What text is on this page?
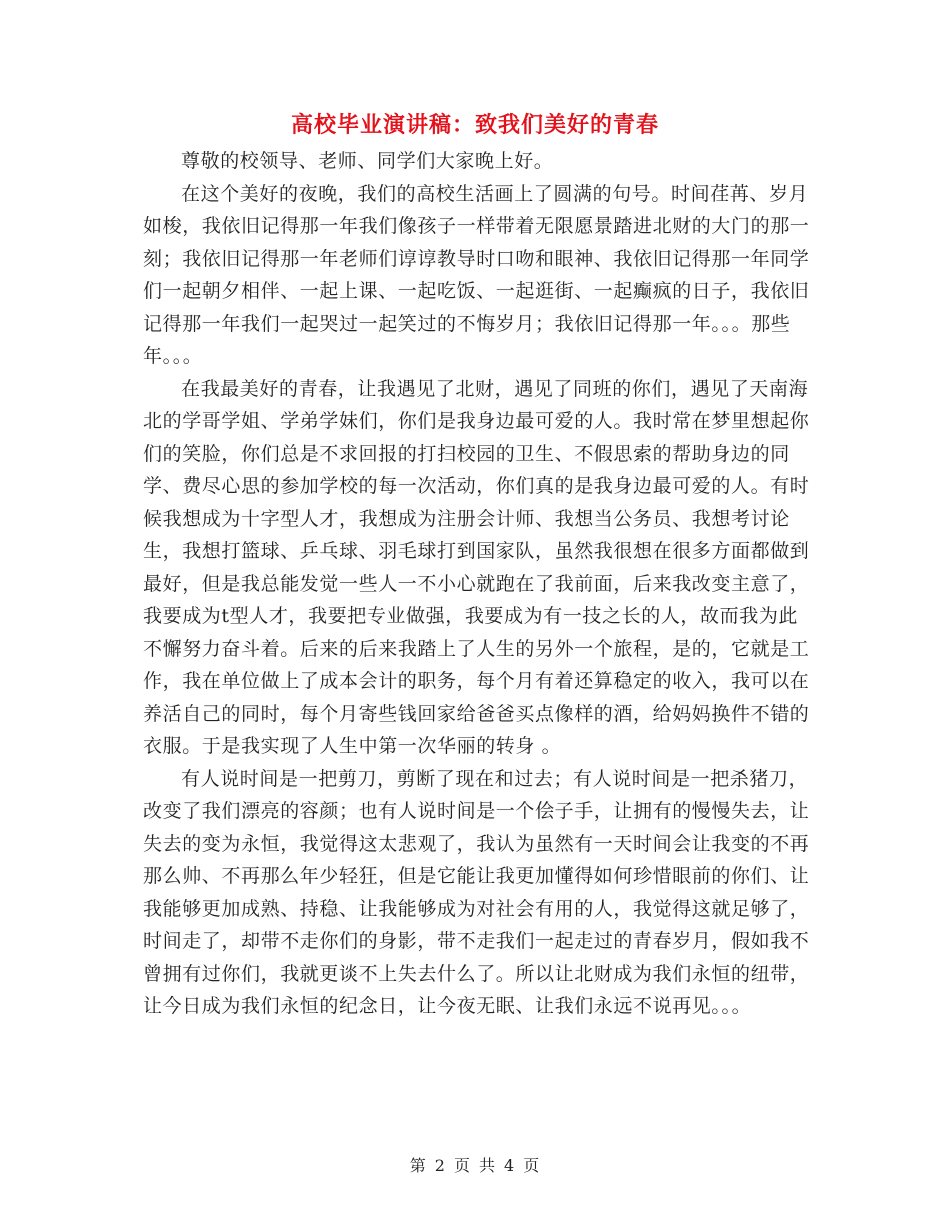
高校毕业演讲稿：致我们美好的青春

尊敬的校领导、老师、同学们大家晚上好。

在这个美好的夜晚，我们的高校生活画上了圆满的句号。时间荏苒、岁月如梭，我依旧记得那一年我们像孩子一样带着无限愿景踏进北财的大门的那一刻；我依旧记得那一年老师们谆谆教导时口吻和眼神、我依旧记得那一年同学们一起朝夕相伴、一起上课、一起吃饭、一起逛街、一起癫疯的日子，我依旧记得那一年我们一起哭过一起笑过的不悔岁月；我依旧记得那一年。。。那些年。。。

在我最美好的青春，让我遇见了北财，遇见了同班的你们，遇见了天南海北的学哥学姐、学弟学妹们，你们是我身边最可爱的人。我时常在梦里想起你们的笑脸，你们总是不求回报的打扫校园的卫生、不假思索的帮助身边的同学、费尽心思的参加学校的每一次活动，你们真的是我身边最可爱的人。有时候我想成为十字型人才，我想成为注册会计师、我想当公务员、我想考讨论生，我想打篮球、乒乓球、羽毛球打到国家队，虽然我很想在很多方面都做到最好，但是我总能发觉一些人一不小心就跑在了我前面，后来我改变主意了，我要成为t型人才，我要把专业做强，我要成为有一技之长的人，故而我为此不懈努力奋斗着。后来的后来我踏上了人生的另外一个旅程，是的，它就是工作，我在单位做上了成本会计的职务，每个月有着还算稳定的收入，我可以在养活自己的同时，每个月寄些钱回家给爸爸买点像样的酒，给妈妈换件不错的衣服。于是我实现了人生中第一次华丽的转身 。

有人说时间是一把剪刀，剪断了现在和过去；有人说时间是一把杀猪刀，改变了我们漂亮的容颜；也有人说时间是一个侩子手，让拥有的慢慢失去，让失去的变为永恒，我觉得这太悲观了，我认为虽然有一天时间会让我变的不再那么帅、不再那么年少轻狂，但是它能让我更加懂得如何珍惜眼前的你们、让我能够更加成熟、持稳、让我能够成为对社会有用的人，我觉得这就足够了，时间走了，却带不走你们的身影，带不走我们一起走过的青春岁月，假如我不曾拥有过你们，我就更谈不上失去什么了。所以让北财成为我们永恒的纽带，让今日成为我们永恒的纪念日，让今夜无眠、让我们永远不说再见。。。

第 2 页 共 4 页
